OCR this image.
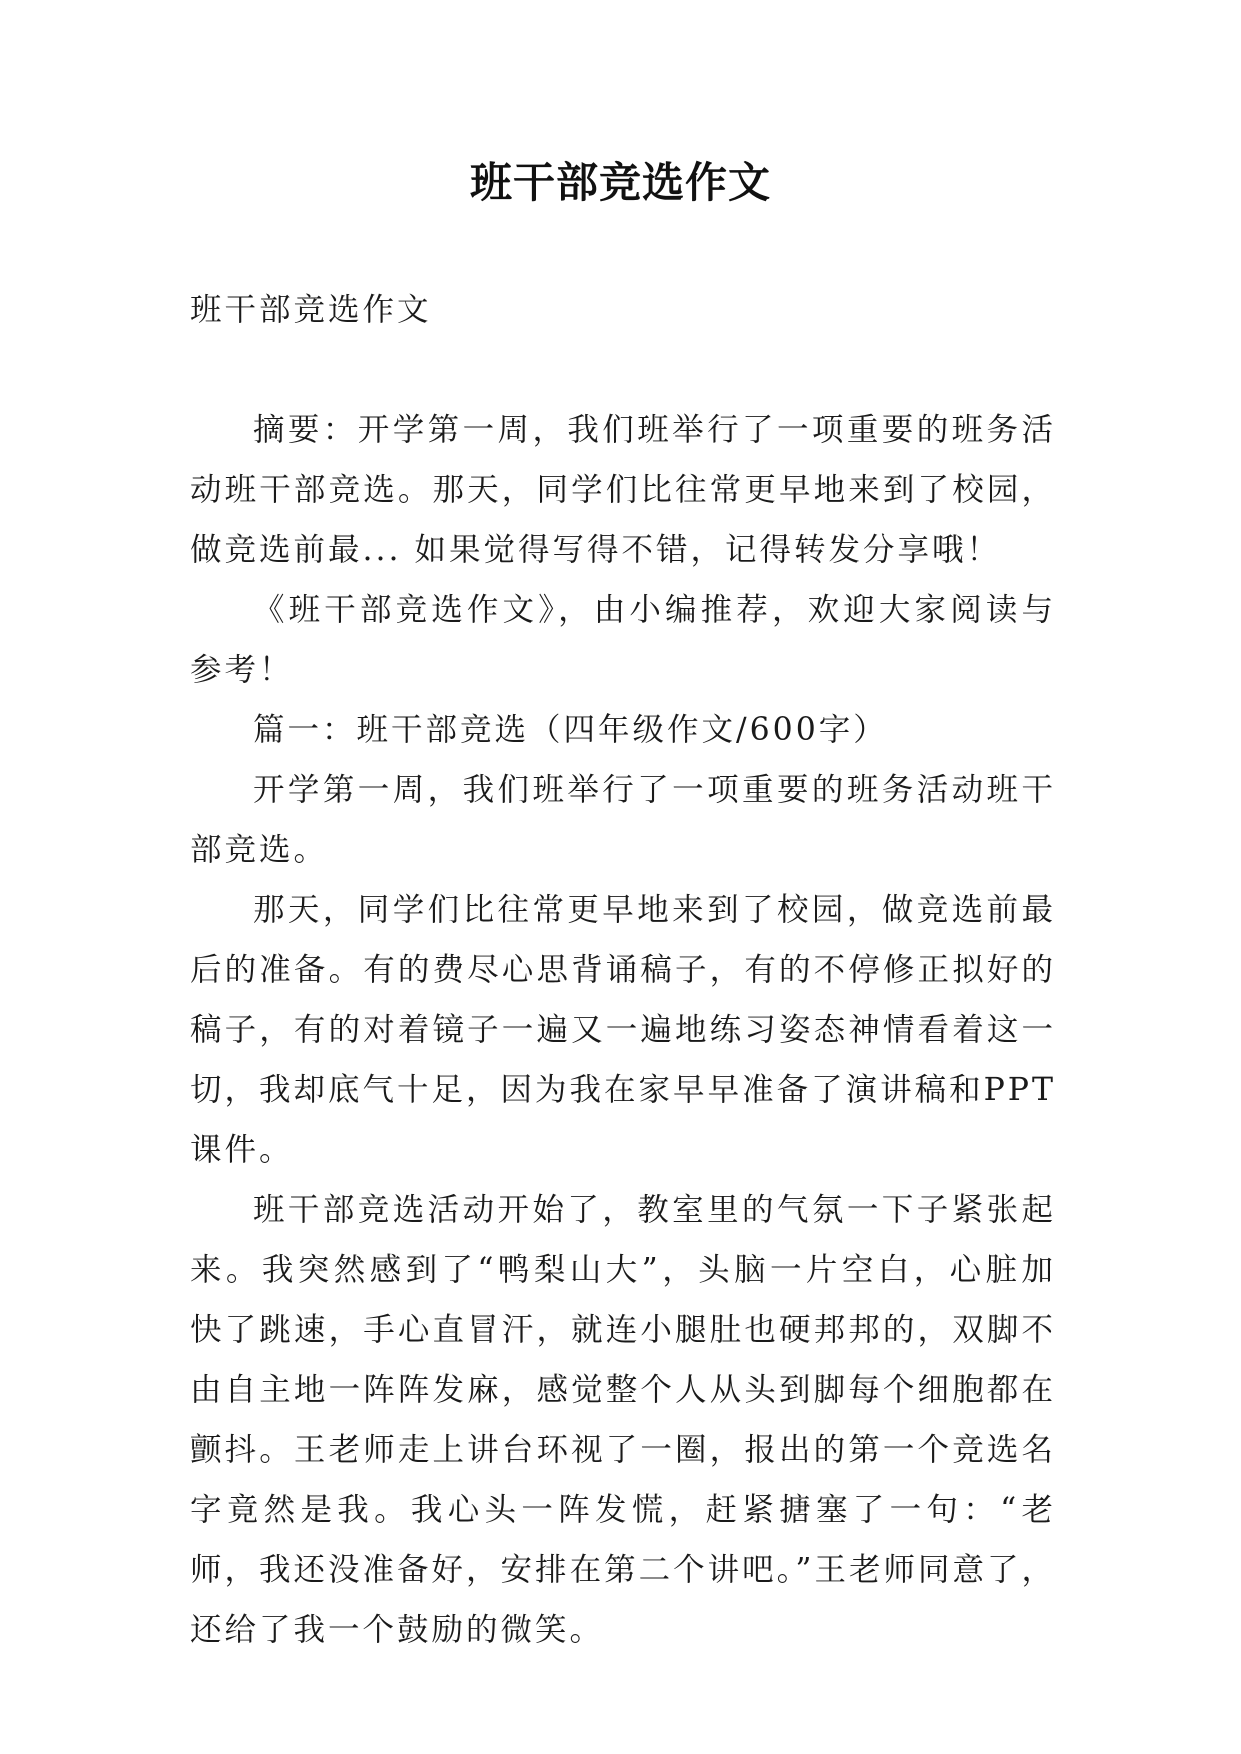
班干部竞选作文

班干部竞选作文

摘要：开学第一周，我们班举行了一项重要的班务活动班干部竞选。那天，同学们比往常更早地来到了校园，做竞选前最... 如果觉得写得不错，记得转发分享哦！

《班干部竞选作文》，由小编推荐，欢迎大家阅读与参考！

篇一：班干部竞选（四年级作文/600字）

开学第一周，我们班举行了一项重要的班务活动班干部竞选。

那天，同学们比往常更早地来到了校园，做竞选前最后的准备。有的费尽心思背诵稿子，有的不停修正拟好的稿子，有的对着镜子一遍又一遍地练习姿态神情看着这一切，我却底气十足，因为我在家早早准备了演讲稿和PPT课件。

班干部竞选活动开始了，教室里的气氛一下子紧张起来。我突然感到了“鸭梨山大”，头脑一片空白，心脏加快了跳速，手心直冒汗，就连小腿肚也硬邦邦的，双脚不由自主地一阵阵发麻，感觉整个人从头到脚每个细胞都在颤抖。王老师走上讲台环视了一圈，报出的第一个竞选名字竟然是我。我心头一阵发慌，赶紧搪塞了一句：“老师，我还没准备好，安排在第二个讲吧。”王老师同意了，还给了我一个鼓励的微笑。
